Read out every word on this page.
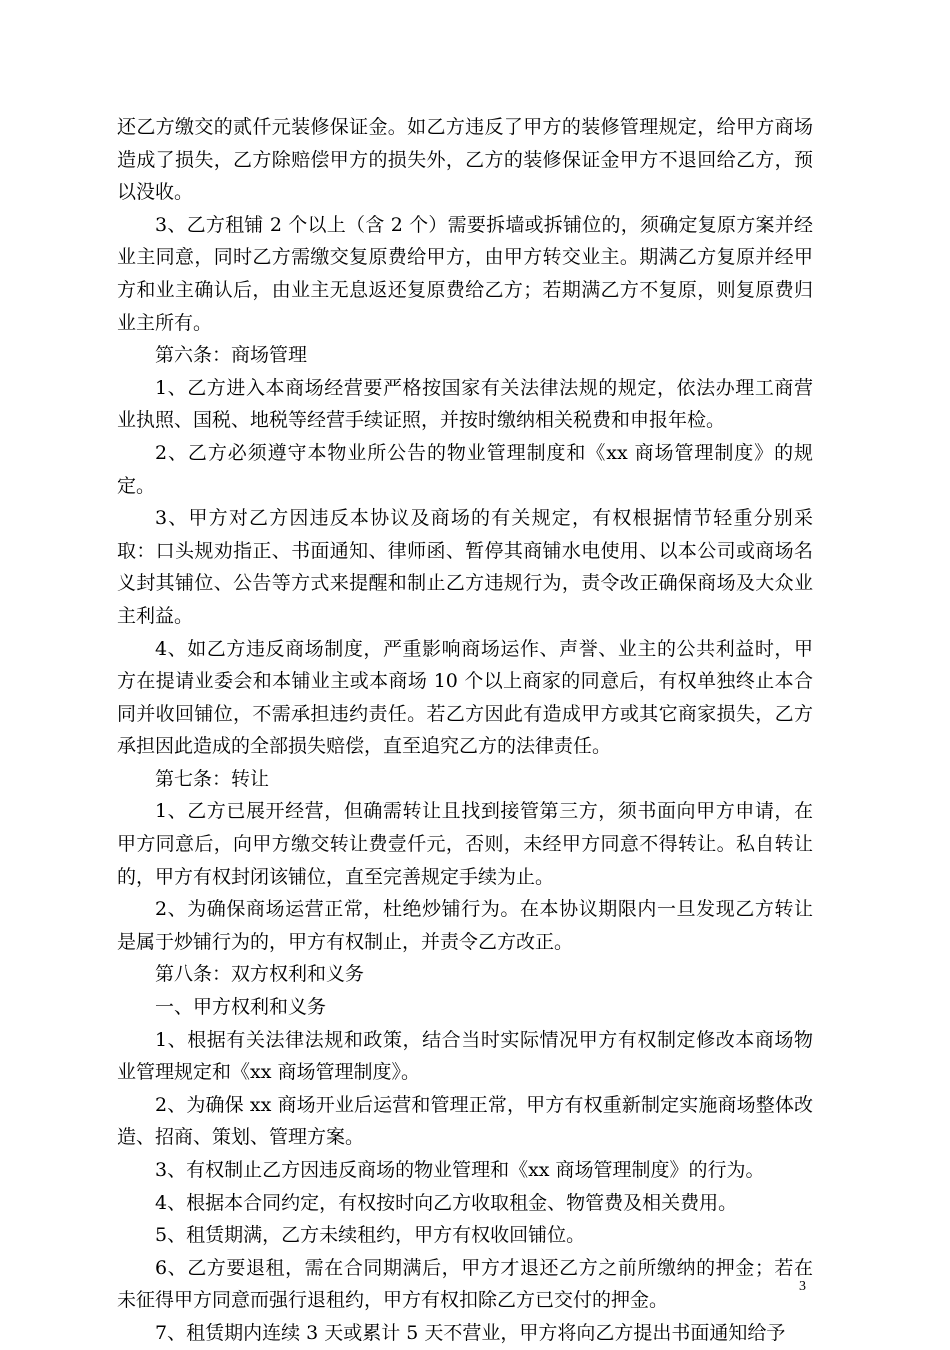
还乙方缴交的贰仟元装修保证金。如乙方违反了甲方的装修管理规定，给甲方商场造成了损失，乙方除赔偿甲方的损失外，乙方的装修保证金甲方不退回给乙方，预以没收。

3、乙方租铺 2 个以上（含 2 个）需要拆墙或拆铺位的，须确定复原方案并经业主同意，同时乙方需缴交复原费给甲方，由甲方转交业主。期满乙方复原并经甲方和业主确认后，由业主无息返还复原费给乙方；若期满乙方不复原，则复原费归业主所有。

第六条：商场管理

1、乙方进入本商场经营要严格按国家有关法律法规的规定，依法办理工商营业执照、国税、地税等经营手续证照，并按时缴纳相关税费和申报年检。

2、乙方必须遵守本物业所公告的物业管理制度和《xx 商场管理制度》的规定。

3、甲方对乙方因违反本协议及商场的有关规定，有权根据情节轻重分别采取：口头规劝指正、书面通知、律师函、暂停其商铺水电使用、以本公司或商场名义封其铺位、公告等方式来提醒和制止乙方违规行为，责令改正确保商场及大众业主利益。

4、如乙方违反商场制度，严重影响商场运作、声誉、业主的公共利益时，甲方在提请业委会和本铺业主或本商场 10 个以上商家的同意后，有权单独终止本合同并收回铺位，不需承担违约责任。若乙方因此有造成甲方或其它商家损失，乙方承担因此造成的全部损失赔偿，直至追究乙方的法律责任。

第七条：转让

1、乙方已展开经营，但确需转让且找到接管第三方，须书面向甲方申请，在甲方同意后，向甲方缴交转让费壹仟元，否则，未经甲方同意不得转让。私自转让的，甲方有权封闭该铺位，直至完善规定手续为止。

2、为确保商场运营正常，杜绝炒铺行为。在本协议期限内一旦发现乙方转让是属于炒铺行为的，甲方有权制止，并责令乙方改正。

第八条：双方权利和义务

一、甲方权利和义务

1、根据有关法律法规和政策，结合当时实际情况甲方有权制定修改本商场物业管理规定和《xx 商场管理制度》。

2、为确保 xx 商场开业后运营和管理正常，甲方有权重新制定实施商场整体改造、招商、策划、管理方案。

3、有权制止乙方因违反商场的物业管理和《xx 商场管理制度》的行为。

4、根据本合同约定，有权按时向乙方收取租金、物管费及相关费用。

5、租赁期满，乙方未续租约，甲方有权收回铺位。

6、乙方要退租，需在合同期满后，甲方才退还乙方之前所缴纳的押金；若在未征得甲方同意而强行退租约，甲方有权扣除乙方已交付的押金。

7、租赁期内连续 3 天或累计 5 天不营业，甲方将向乙方提出书面通知给予

3
